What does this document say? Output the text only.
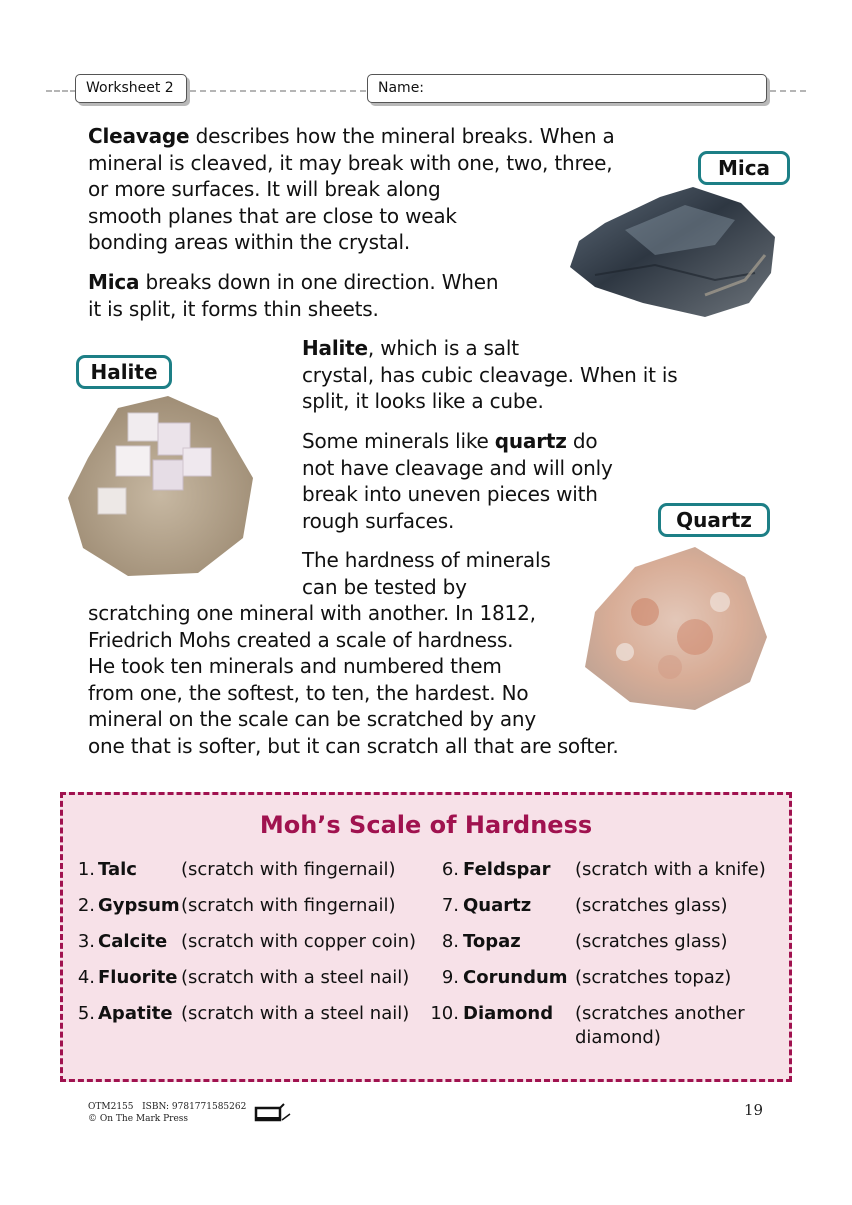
Worksheet 2	Name:

Cleavage describes how the mineral breaks. When a

mineral is cleaved, it may break with one, two, three,

or more surfaces. It will break along

smooth planes that are close to weak

bonding areas within the crystal.

Mica breaks down in one direction. When

it is split, it forms thin sheets.

Mica
Halite

Halite, which is a salt

crystal, has cubic cleavage. When it is

split, it looks like a cube.

Some minerals like quartz do

not have cleavage and will only

break into uneven pieces with

rough surfaces.	Quartz

The hardness of minerals

can be tested by

scratching one mineral with another. In 1812,

Friedrich Mohs created a scale of hardness.

He took ten minerals and numbered them

from one, the softest, to ten, the hardest. No

mineral on the scale can be scratched by any

one that is softer, but it can scratch all that are softer.

Moh’s Scale of Hardness
1. Talc (scratch with fingernail)
2. Gypsum (scratch with fingernail)
3. Calcite (scratch with copper coin)
4. Fluorite (scratch with a steel nail)
5. Apatite (scratch with a steel nail)
6. Feldspar (scratch with a knife)
7. Quartz (scratches glass)
8. Topaz	(scratches glass)
9. Corundum (scratches topaz)
10. Diamond (scratches another
diamond)
OTM2155 ISBN: 9781771585262
© On The Mark Press	19
